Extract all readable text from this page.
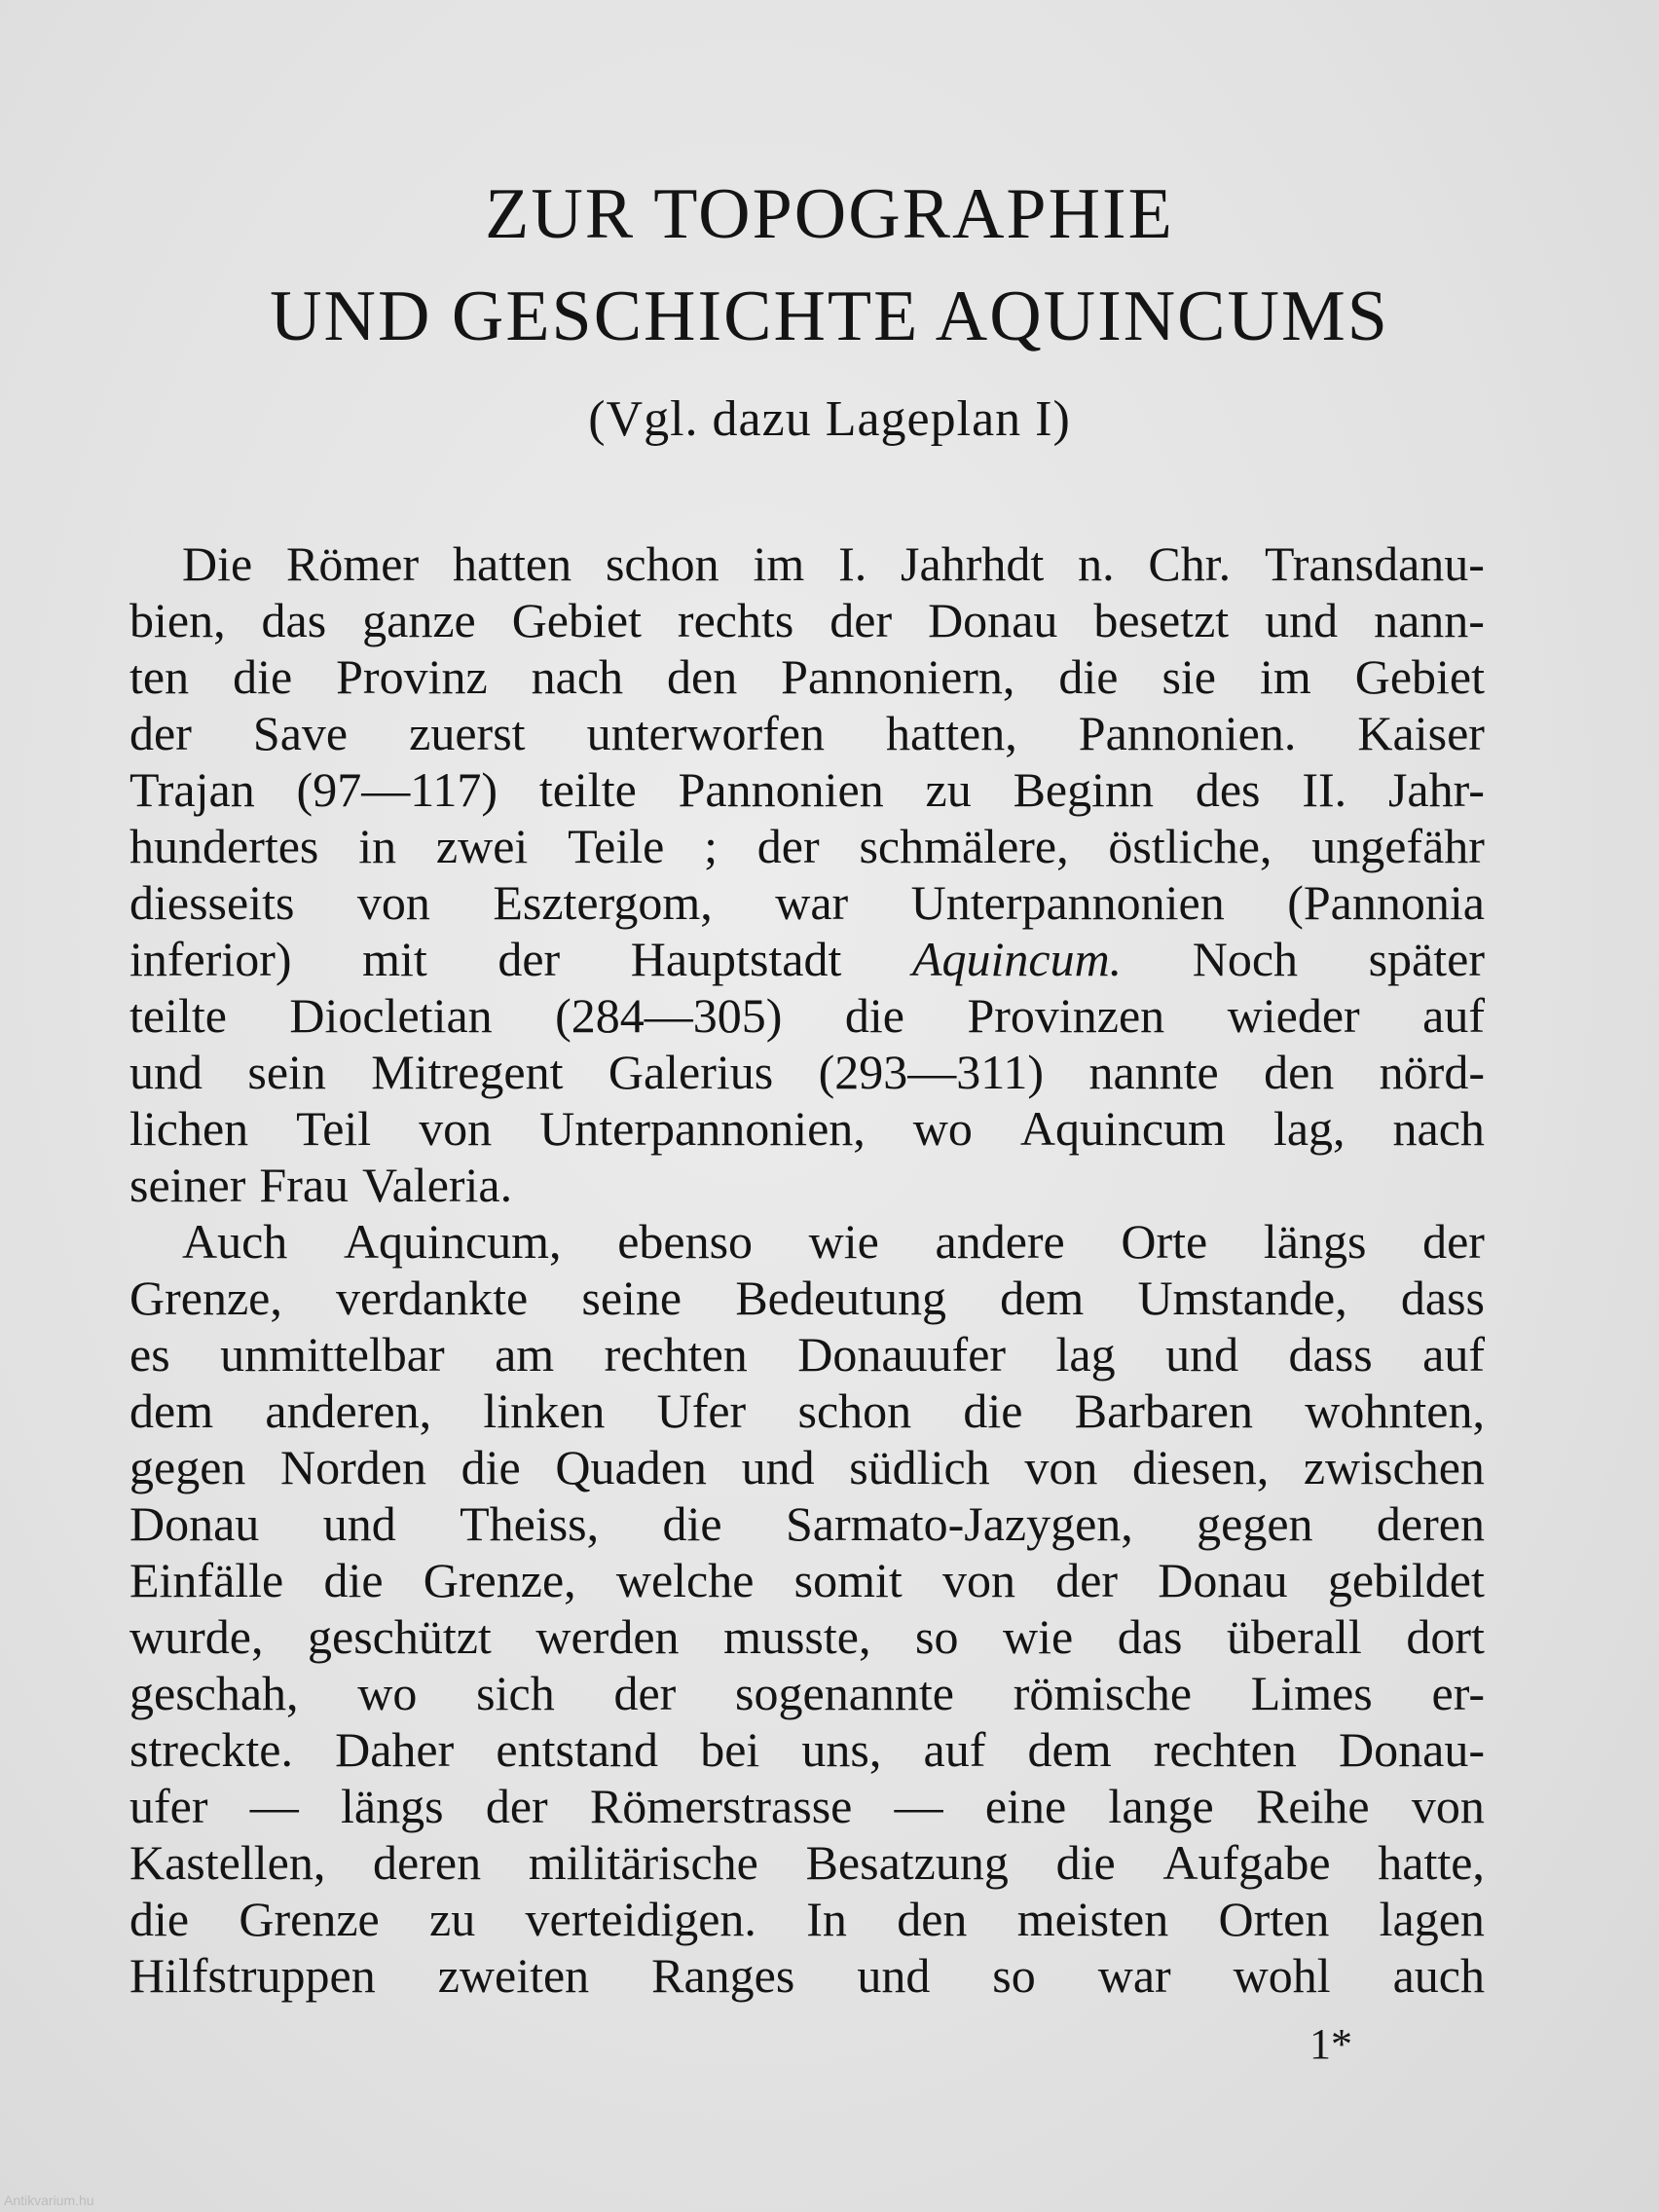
ZUR TOPOGRAPHIE
UND GESCHICHTE AQUINCUMS
(Vgl. dazu Lageplan I)
Die Römer hatten schon im I. Jahrhdt n. Chr. Transdanu-
bien, das ganze Gebiet rechts der Donau besetzt und nann-
ten die Provinz nach den Pannoniern, die sie im Gebiet
der Save zuerst unterworfen hatten, Pannonien. Kaiser
Trajan (97—117) teilte Pannonien zu Beginn des II. Jahr-
hundertes in zwei Teile ; der schmälere, östliche, ungefähr
diesseits von Esztergom, war Unterpannonien (Pannonia
inferior) mit der Hauptstadt Aquincum. Noch später
teilte Diocletian (284—305) die Provinzen wieder auf
und sein Mitregent Galerius (293—311) nannte den nörd-
lichen Teil von Unterpannonien, wo Aquincum lag, nach
seiner Frau Valeria.
Auch Aquincum, ebenso wie andere Orte längs der
Grenze, verdankte seine Bedeutung dem Umstande, dass
es unmittelbar am rechten Donauufer lag und dass auf
dem anderen, linken Ufer schon die Barbaren wohnten,
gegen Norden die Quaden und südlich von diesen, zwischen
Donau und Theiss, die Sarmato-Jazygen, gegen deren
Einfälle die Grenze, welche somit von der Donau gebildet
wurde, geschützt werden musste, so wie das überall dort
geschah, wo sich der sogenannte römische Limes er-
streckte. Daher entstand bei uns, auf dem rechten Donau-
ufer — längs der Römerstrasse — eine lange Reihe von
Kastellen, deren militärische Besatzung die Aufgabe hatte,
die Grenze zu verteidigen. In den meisten Orten lagen
Hilfstruppen zweiten Ranges und so war wohl auch
1*
Antikvarium.hu
